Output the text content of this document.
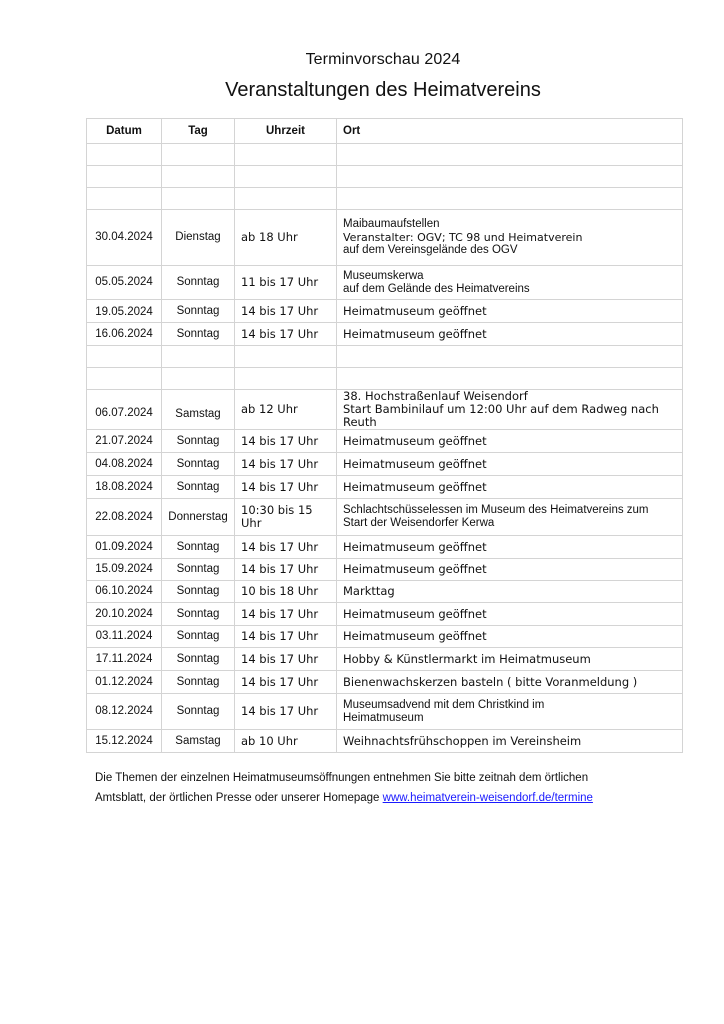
Terminvorschau 2024
Veranstaltungen des Heimatvereins
Datum	Tag	Uhrzeit	Ort

30.04.2024	Dienstag	ab 18 Uhr	Maibaumaufstellen
Veranstalter: OGV; TC 98 und Heimatverein
auf dem Vereinsgelände des OGV

05.05.2024	Sonntag	11 bis 17 Uhr	Museumskerwa
auf dem Gelände des Heimatvereins

19.05.2024	Sonntag	14 bis 17 Uhr	Heimatmuseum geöffnet
16.06.2024	Sonntag	14 bis 17 Uhr	Heimatmuseum geöffnet

06.07.2024	Samstag	ab 12 Uhr	38. Hochstraßenlauf Weisendorf
Start Bambinilauf um 12:00 Uhr auf dem Radweg nach Reuth

21.07.2024	Sonntag	14 bis 17 Uhr	Heimatmuseum geöffnet
04.08.2024	Sonntag	14 bis 17 Uhr	Heimatmuseum geöffnet
18.08.2024	Sonntag	14 bis 17 Uhr	Heimatmuseum geöffnet
22.08.2024	Donnerstag	10:30 bis 15 Uhr	Schlachtschüsselessen im Museum des Heimatvereins zum
Start der Weisendorfer Kerwa

01.09.2024	Sonntag	14 bis 17 Uhr	Heimatmuseum geöffnet
15.09.2024	Sonntag	14 bis 17 Uhr	Heimatmuseum geöffnet
06.10.2024	Sonntag	10 bis 18 Uhr	Markttag
20.10.2024	Sonntag	14 bis 17 Uhr	Heimatmuseum geöffnet
03.11.2024	Sonntag	14 bis 17 Uhr	Heimatmuseum geöffnet
17.11.2024	Sonntag	14 bis 17 Uhr	Hobby & Künstlermarkt im Heimatmuseum
01.12.2024	Sonntag	14 bis 17 Uhr	Bienenwachskerzen basteln ( bitte Voranmeldung )
08.12.2024	Sonntag	14 bis 17 Uhr	Museumsadvend mit dem Christkind im
Heimatmuseum

15.12.2024	Samstag	ab 10 Uhr	Weihnachtsfrühschoppen im Vereinsheim
Die Themen der einzelnen Heimatmuseumsöffnungen entnehmen Sie bitte zeitnah dem örtlichen
Amtsblatt, der örtlichen Presse oder unserer Homepage www.heimatverein-weisendorf.de/termine
